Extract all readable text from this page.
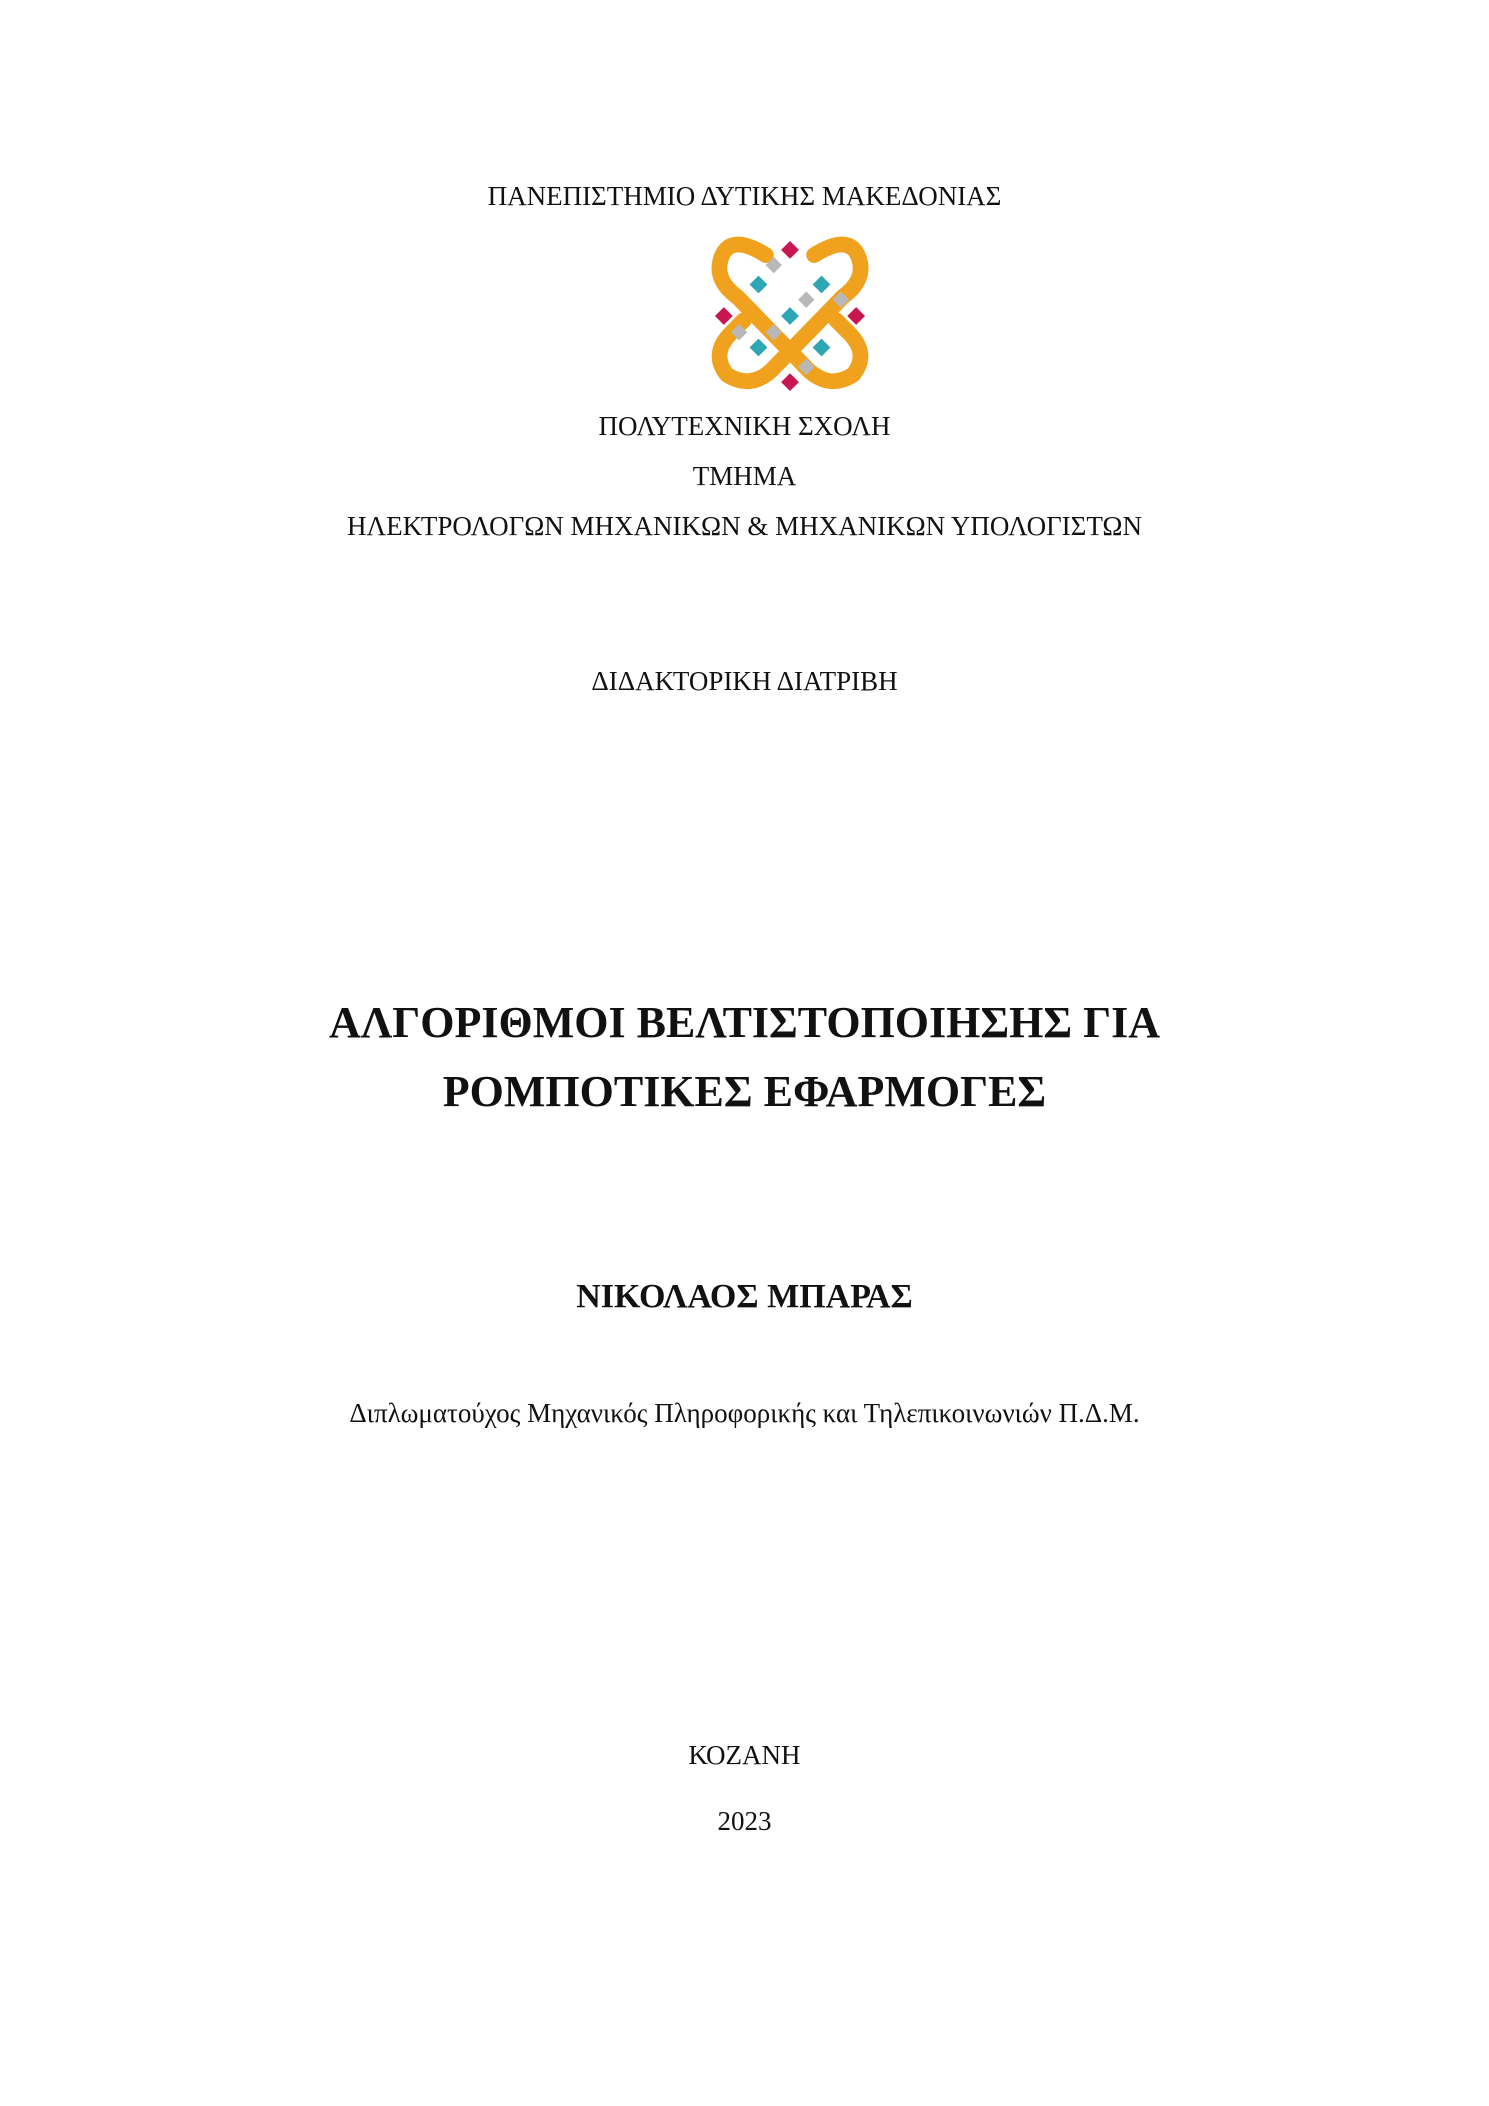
ΠΑΝΕΠΙΣΤΗΜΙΟ ΔΥΤΙΚΗΣ ΜΑΚΕΔΟΝΙΑΣ
ΠΟΛΥΤΕΧΝΙΚΗ ΣΧΟΛΗ
ΤΜΗΜΑ
ΗΛΕΚΤΡΟΛΟΓΩΝ ΜΗΧΑΝΙΚΩΝ & ΜΗΧΑΝΙΚΩΝ ΥΠΟΛΟΓΙΣΤΩΝ
ΔΙΔΑΚΤΟΡΙΚΗ ΔΙΑΤΡΙΒΗ
ΑΛΓΟΡΙΘΜΟΙ ΒΕΛΤΙΣΤΟΠΟΙΗΣΗΣ ΓΙΑ
ΡΟΜΠΟΤΙΚΕΣ ΕΦΑΡΜΟΓΕΣ
ΝΙΚΟΛΑΟΣ ΜΠΑΡΑΣ
Διπλωματούχος Μηχανικός Πληροφορικής και Τηλεπικοινωνιών Π.Δ.Μ.
ΚΟΖΑΝΗ
2023
